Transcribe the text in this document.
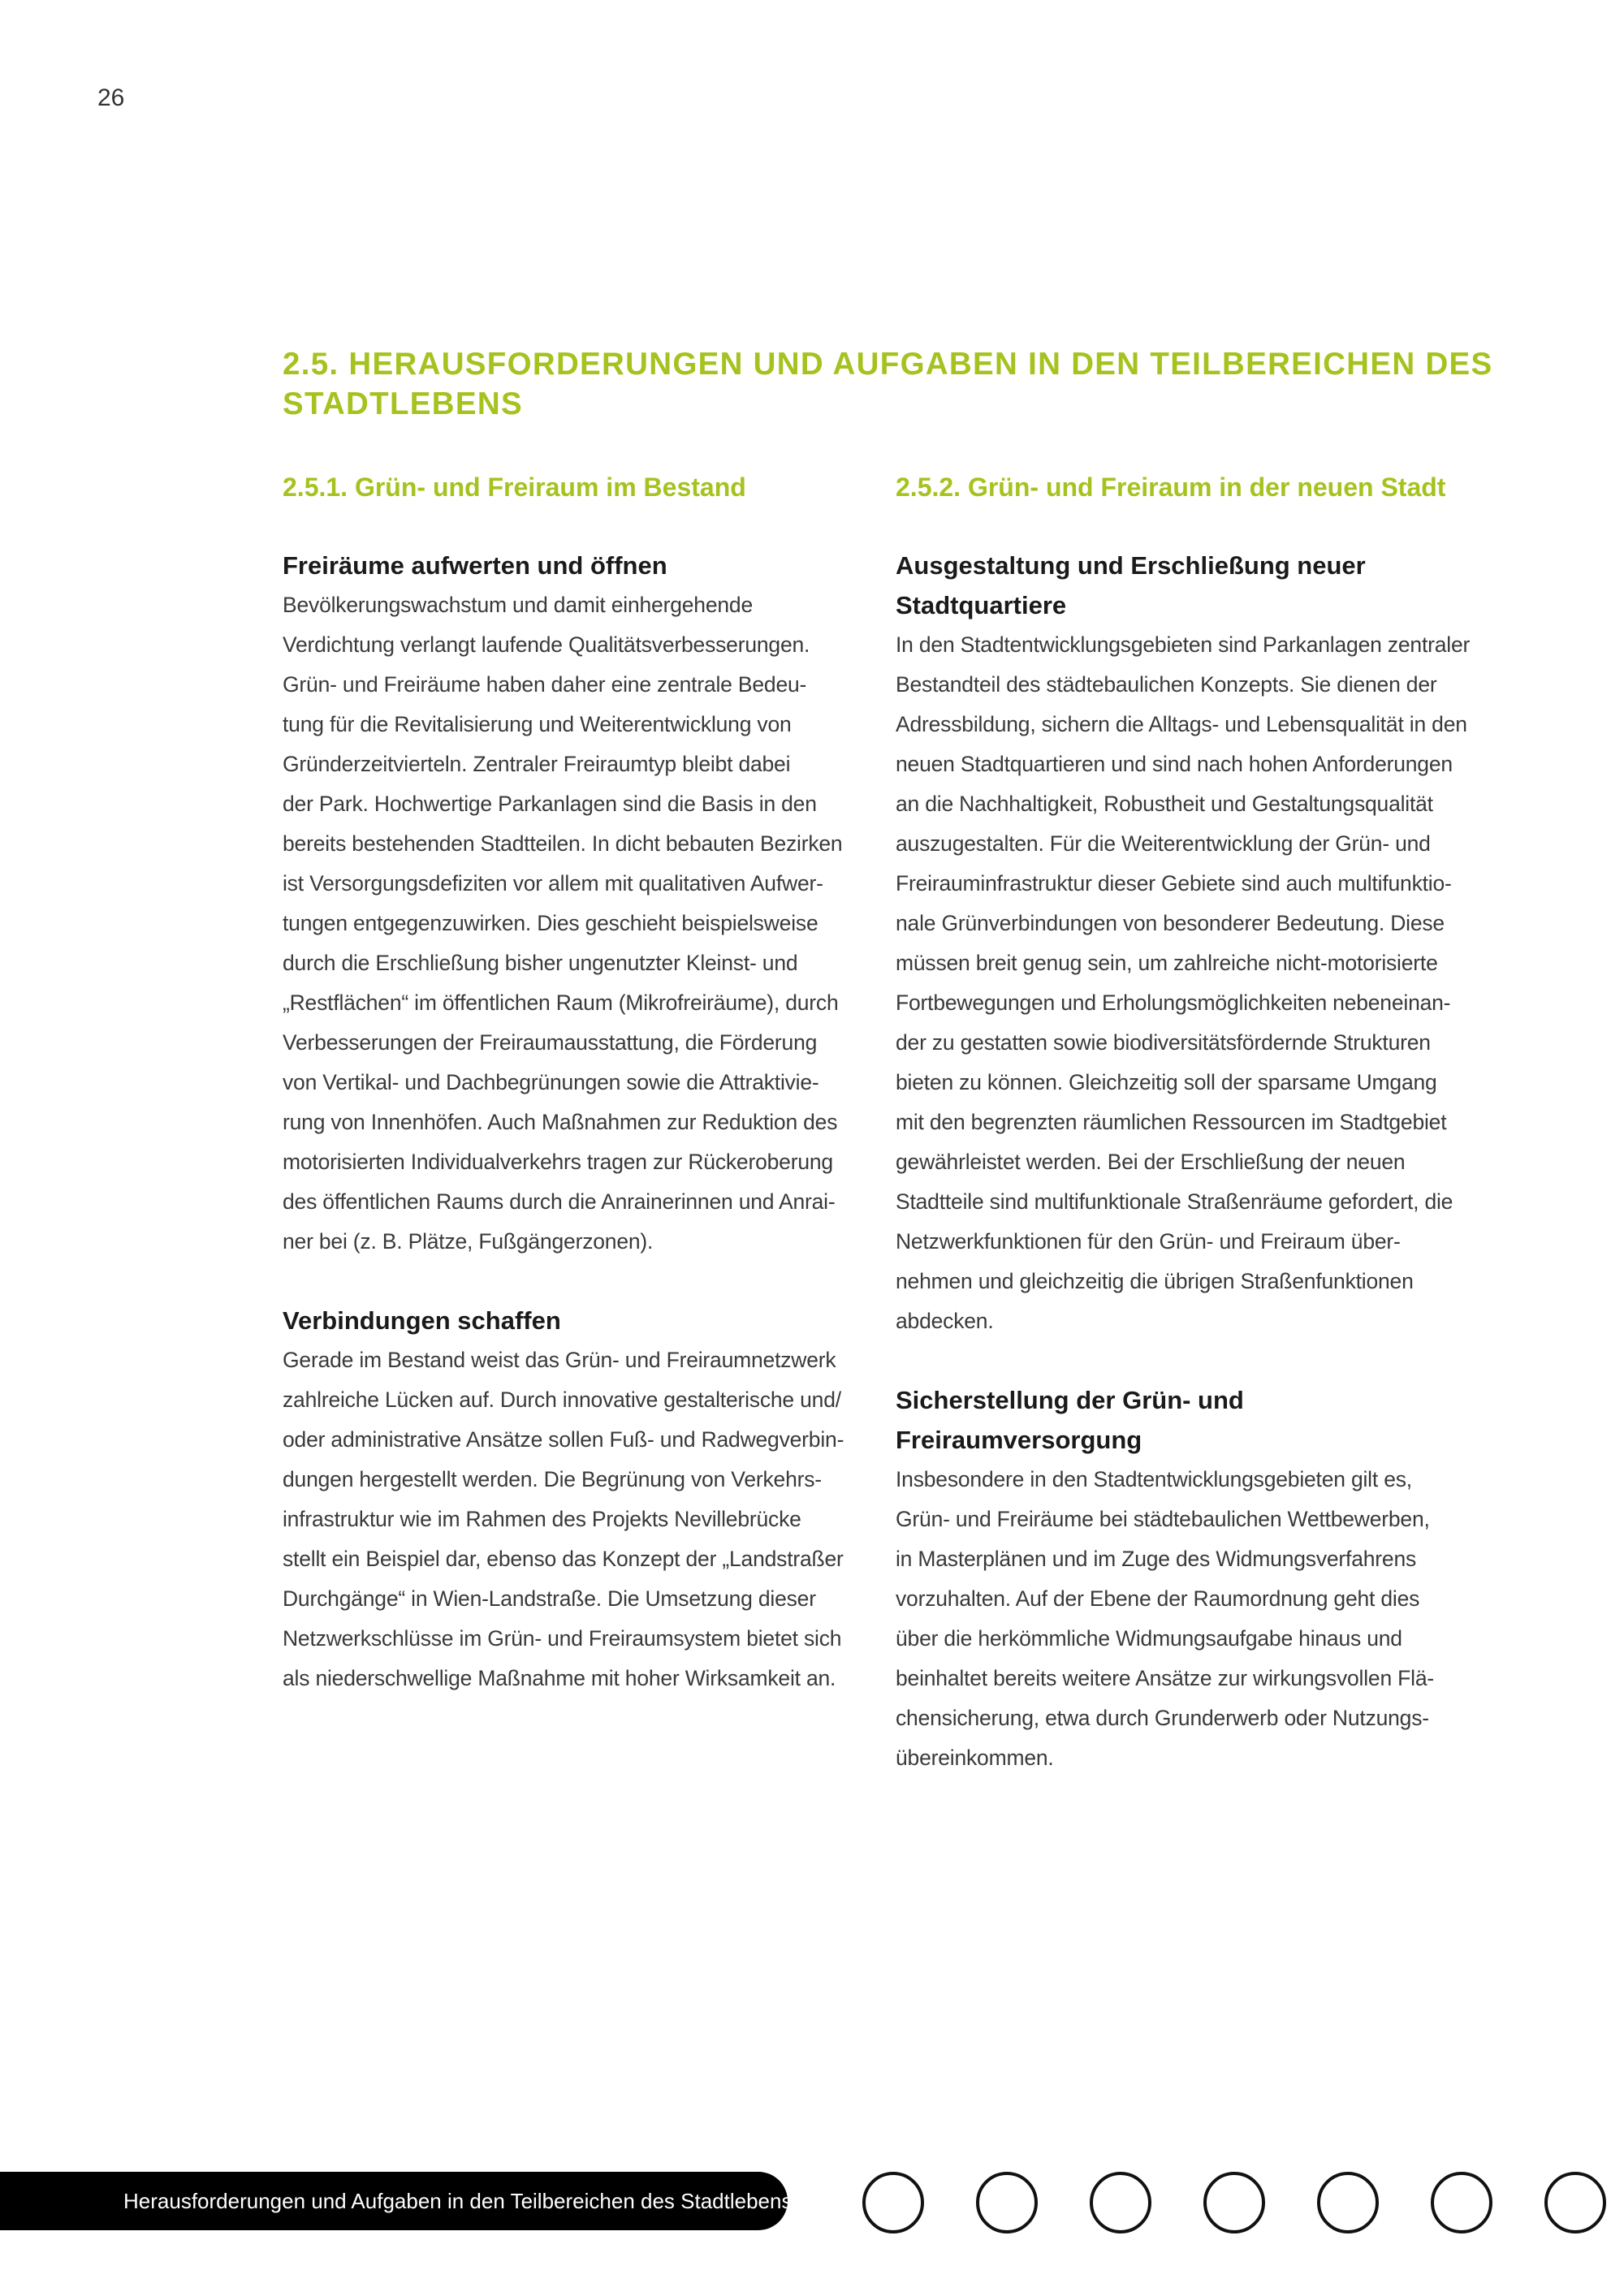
26
2.5. HERAUSFORDERUNGEN UND AUFGABEN IN DEN TEILBEREICHEN DES STADTLEBENS
2.5.1. Grün- und Freiraum im Bestand
Freiräume aufwerten und öffnen
Bevölkerungswachstum und damit einhergehende
Verdichtung verlangt laufende Qualitätsverbesserungen.
Grün- und Freiräume haben daher eine zentrale Bedeu-
tung für die Revitalisierung und Weiterentwicklung von
Gründerzeitvierteln. Zentraler Freiraumtyp bleibt dabei
der Park. Hochwertige Parkanlagen sind die Basis in den
bereits bestehenden Stadtteilen. In dicht bebauten Bezirken
ist Versorgungsdefiziten vor allem mit qualitativen Aufwer-
tungen entgegenzuwirken. Dies geschieht beispielsweise
durch die Erschließung bisher ungenutzter Kleinst- und
„Restflächen“ im öffentlichen Raum (Mikrofreiräume), durch
Verbesserungen der Freiraumausstattung, die Förderung
von Vertikal- und Dachbegrünungen sowie die Attraktivie-
rung von Innenhöfen. Auch Maßnahmen zur Reduktion des
motorisierten Individualverkehrs tragen zur Rückeroberung
des öffentlichen Raums durch die Anrainerinnen und Anrai-
ner bei (z. B. Plätze, Fußgängerzonen).
Verbindungen schaffen
Gerade im Bestand weist das Grün- und Freiraumnetzwerk
zahlreiche Lücken auf. Durch innovative gestalterische und/
oder administrative Ansätze sollen Fuß- und Radwegverbin-
dungen hergestellt werden. Die Begrünung von Verkehrs-
infrastruktur wie im Rahmen des Projekts Nevillebrücke
stellt ein Beispiel dar, ebenso das Konzept der „Landstraßer
Durchgänge“ in Wien-Landstraße. Die Umsetzung dieser
Netzwerkschlüsse im Grün- und Freiraumsystem bietet sich
als niederschwellige Maßnahme mit hoher Wirksamkeit an.
2.5.2. Grün- und Freiraum in der neuen Stadt
Ausgestaltung und Erschließung neuer
Stadtquartiere
In den Stadtentwicklungsgebieten sind Parkanlagen zentraler
Bestandteil des städtebaulichen Konzepts. Sie dienen der
Adressbildung, sichern die Alltags- und Lebensqualität in den
neuen Stadtquartieren und sind nach hohen Anforderungen
an die Nachhaltigkeit, Robustheit und Gestaltungsqualität
auszugestalten. Für die Weiterentwicklung der Grün- und
Freirauminfrastruktur dieser Gebiete sind auch multifunktio-
nale Grünverbindungen von besonderer Bedeutung. Diese
müssen breit genug sein, um zahlreiche nicht-motorisierte
Fortbewegungen und Erholungsmöglichkeiten nebeneinan-
der zu gestatten sowie biodiversitätsfördernde Strukturen
bieten zu können. Gleichzeitig soll der sparsame Umgang
mit den begrenzten räumlichen Ressourcen im Stadtgebiet
gewährleistet werden. Bei der Erschließung der neuen
Stadtteile sind multifunktionale Straßenräume gefordert, die
Netzwerkfunktionen für den Grün- und Freiraum über-
nehmen und gleichzeitig die übrigen Straßenfunktionen
abdecken.
Sicherstellung der Grün- und
Freiraumversorgung
Insbesondere in den Stadtentwicklungsgebieten gilt es,
Grün- und Freiräume bei städtebaulichen Wettbewerben,
in Masterplänen und im Zuge des Widmungsverfahrens
vorzuhalten. Auf der Ebene der Raumordnung geht dies
über die herkömmliche Widmungsaufgabe hinaus und
beinhaltet bereits weitere Ansätze zur wirkungsvollen Flä-
chensicherung, etwa durch Grunderwerb oder Nutzungs-
übereinkommen.
Herausforderungen und Aufgaben in den Teilbereichen des Stadtlebens
